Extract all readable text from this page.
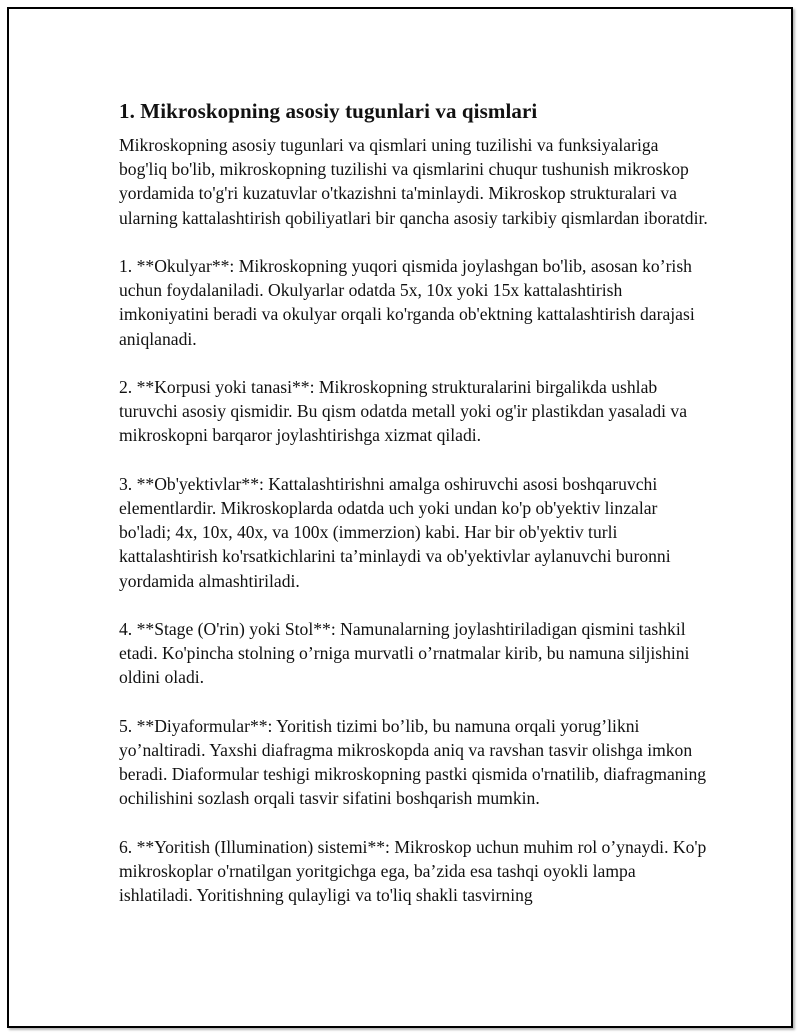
1. Mikroskopning asosiy tugunlari va qismlari

Mikroskopning asosiy tugunlari va qismlari uning tuzilishi va funksiyalariga bog'liq bo'lib, mikroskopning tuzilishi va qismlarini chuqur tushunish mikroskop yordamida to'g'ri kuzatuvlar o'tkazishni ta'minlaydi. Mikroskop strukturalari va ularning kattalashtirish qobiliyatlari bir qancha asosiy tarkibiy qismlardan iboratdir.

1. **Okulyar**: Mikroskopning yuqori qismida joylashgan bo'lib, asosan ko’rish uchun foydalaniladi. Okulyarlar odatda 5x, 10x yoki 15x kattalashtirish imkoniyatini beradi va okulyar orqali ko'rganda ob'ektning kattalashtirish darajasi aniqlanadi.

2. **Korpusi yoki tanasi**: Mikroskopning strukturalarini birgalikda ushlab turuvchi asosiy qismidir. Bu qism odatda metall yoki og'ir plastikdan yasaladi va mikroskopni barqaror joylashtirishga xizmat qiladi.

3. **Ob'yektivlar**: Kattalashtirishni amalga oshiruvchi asosi boshqaruvchi elementlardir. Mikroskoplarda odatda uch yoki undan ko'p ob'yektiv linzalar bo'ladi; 4x, 10x, 40x, va 100x (immerzion) kabi. Har bir ob'yektiv turli kattalashtirish ko'rsatkichlarini ta’minlaydi va ob'yektivlar aylanuvchi buronni yordamida almashtiriladi.

4. **Stage (O'rin) yoki Stol**: Namunalarning joylashtiriladigan qismini tashkil etadi. Ko'pincha stolning o’rniga murvatli o’rnatmalar kirib, bu namuna siljishini oldini oladi.

5. **Diyaformular**: Yoritish tizimi bo’lib, bu namuna orqali yorug’likni yo’naltiradi. Yaxshi diafragma mikroskopda aniq va ravshan tasvir olishga imkon beradi. Diaformular teshigi mikroskopning pastki qismida o'rnatilib, diafragmaning ochilishini sozlash orqali tasvir sifatini boshqarish mumkin.

6. **Yoritish (Illumination) sistemi**: Mikroskop uchun muhim rol o’ynaydi. Ko'p mikroskoplar o'rnatilgan yoritgichga ega, ba’zida esa tashqi oyokli lampa ishlatiladi. Yoritishning qulayligi va to'liq shakli tasvirning
